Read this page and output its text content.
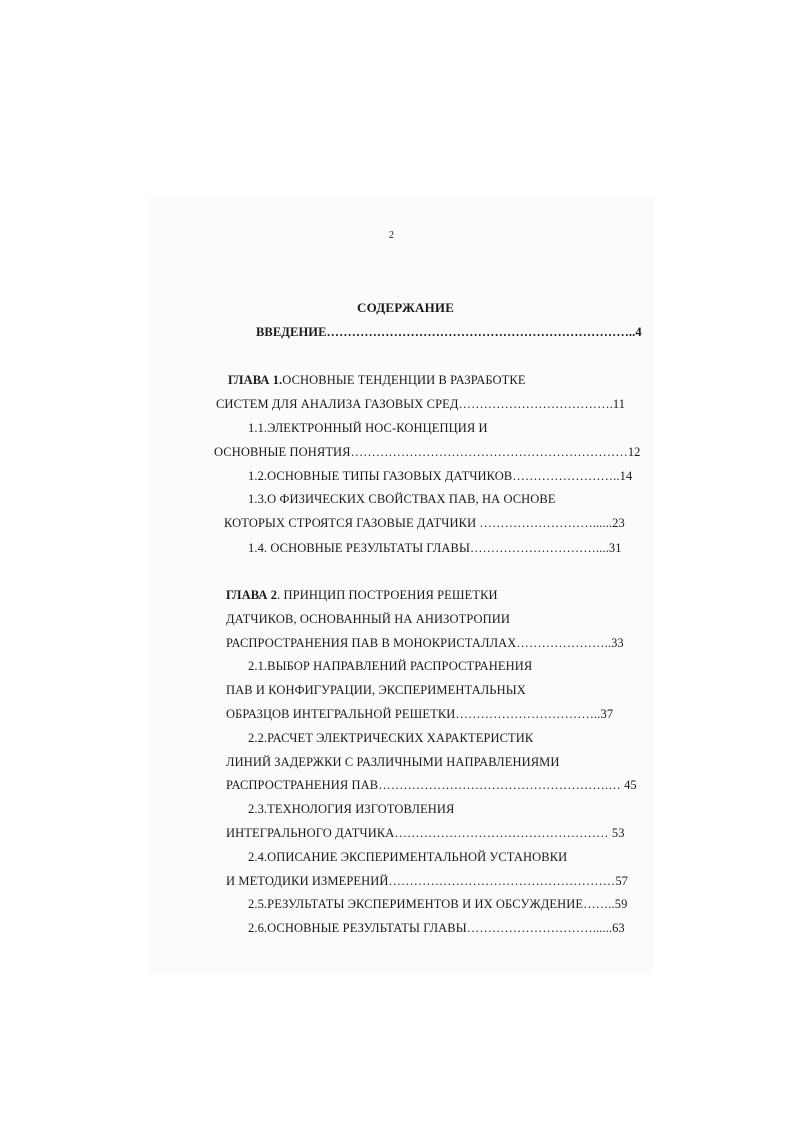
2
СОДЕРЖАНИЕ
ВВЕДЕНИЕ………………………………………………………………..4
ГЛАВА 1.ОСНОВНЫЕ ТЕНДЕНЦИИ В РАЗРАБОТКЕ
СИСТЕМ ДЛЯ АНАЛИЗА ГАЗОВЫХ СРЕД……………………………….11
1.1.ЭЛЕКТРОННЫЙ НОС-КОНЦЕПЦИЯ И
ОСНОВНЫЕ ПОНЯТИЯ…………………………………………………………12
1.2.ОСНОВНЫЕ ТИПЫ ГАЗОВЫХ ДАТЧИКОВ……………………..14
1.3.О ФИЗИЧЕСКИХ СВОЙСТВАХ ПАВ, НА ОСНОВЕ
КОТОРЫХ СТРОЯТСЯ ГАЗОВЫЕ ДАТЧИКИ ………………………......23
1.4. ОСНОВНЫЕ РЕЗУЛЬТАТЫ ГЛАВЫ…………………………....31
ГЛАВА 2. ПРИНЦИП ПОСТРОЕНИЯ РЕШЕТКИ
ДАТЧИКОВ, ОСНОВАННЫЙ НА АНИЗОТРОПИИ
РАСПРОСТРАНЕНИЯ ПАВ В МОНОКРИСТАЛЛАХ…………………..33
2.1.ВЫБОР НАПРАВЛЕНИЙ РАСПРОСТРАНЕНИЯ
ПАВ И КОНФИГУРАЦИИ, ЭКСПЕРИМЕНТАЛЬНЫХ
ОБРАЗЦОВ ИНТЕГРАЛЬНОЙ РЕШЕТКИ……………………………..37
2.2.РАСЧЕТ ЭЛЕКТРИЧЕСКИХ ХАРАКТЕРИСТИК
ЛИНИЙ ЗАДЕРЖКИ С РАЗЛИЧНЫМИ НАПРАВЛЕНИЯМИ
РАСПРОСТРАНЕНИЯ ПАВ……………………………………………….… 45
2.3.ТЕХНОЛОГИЯ ИЗГОТОВЛЕНИЯ
ИНТЕГРАЛЬНОГО ДАТЧИКА…………………………………………… 53
2.4.ОПИСАНИЕ ЭКСПЕРИМЕНТАЛЬНОЙ УСТАНОВКИ
И МЕТОДИКИ ИЗМЕРЕНИЙ………………………………………………57
2.5.РЕЗУЛЬТАТЫ ЭКСПЕРИМЕНТОВ И ИХ ОБСУЖДЕНИЕ……..59
2.6.ОСНОВНЫЕ РЕЗУЛЬТАТЫ ГЛАВЫ…………………………......63
